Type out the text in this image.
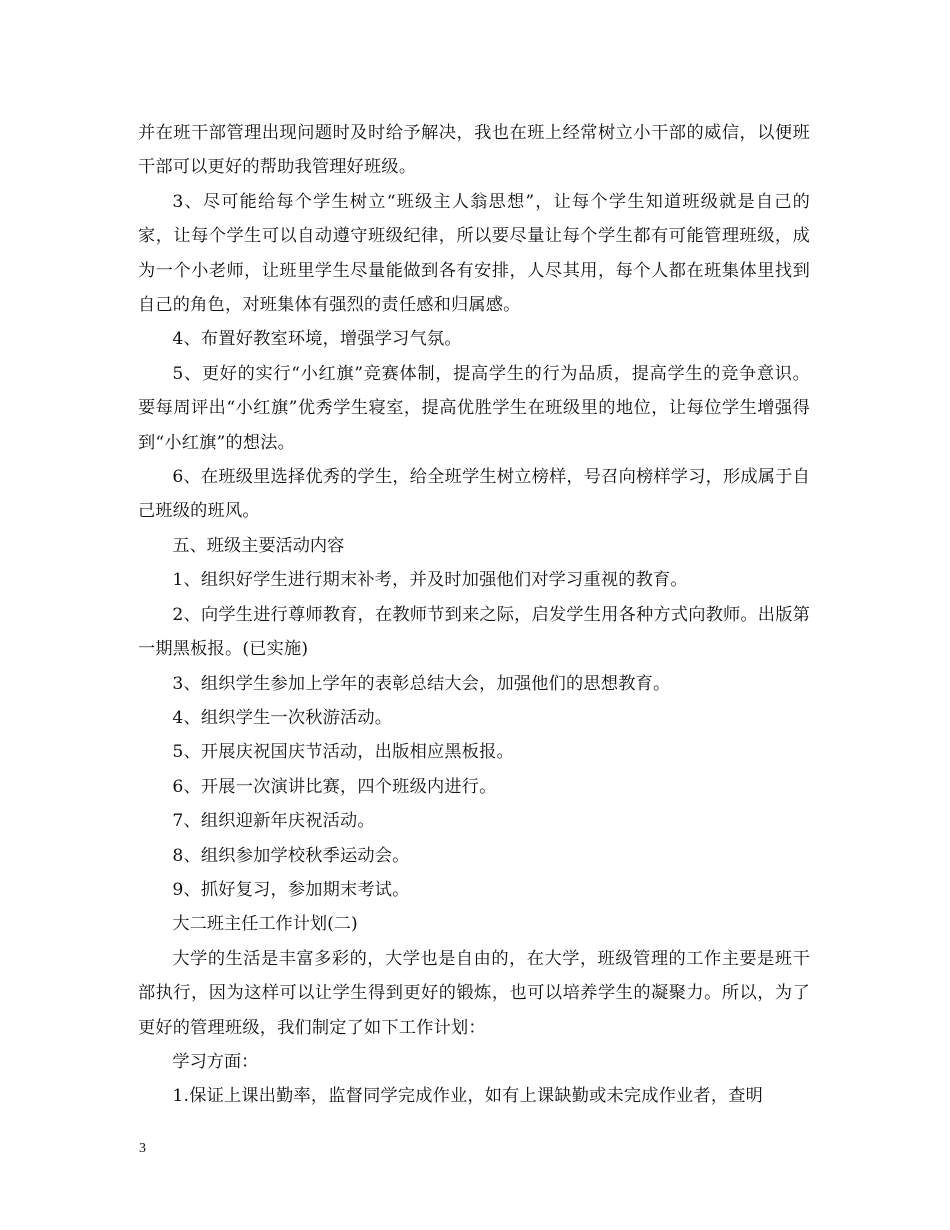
并在班干部管理出现问题时及时给予解决，我也在班上经常树立小干部的威信，以便班干部可以更好的帮助我管理好班级。

3、尽可能给每个学生树立“班级主人翁思想”，让每个学生知道班级就是自己的家，让每个学生可以自动遵守班级纪律，所以要尽量让每个学生都有可能管理班级，成为一个小老师，让班里学生尽量能做到各有安排，人尽其用，每个人都在班集体里找到自己的角色，对班集体有强烈的责任感和归属感。

4、布置好教室环境，增强学习气氛。

5、更好的实行“小红旗”竞赛体制，提高学生的行为品质，提高学生的竞争意识。要每周评出“小红旗”优秀学生寝室，提高优胜学生在班级里的地位，让每位学生增强得到“小红旗”的想法。

6、在班级里选择优秀的学生，给全班学生树立榜样，号召向榜样学习，形成属于自己班级的班风。

五、班级主要活动内容

1、组织好学生进行期末补考，并及时加强他们对学习重视的教育。

2、向学生进行尊师教育，在教师节到来之际，启发学生用各种方式向教师。出版第一期黑板报。(已实施)

3、组织学生参加上学年的表彰总结大会，加强他们的思想教育。

4、组织学生一次秋游活动。

5、开展庆祝国庆节活动，出版相应黑板报。

6、开展一次演讲比赛，四个班级内进行。

7、组织迎新年庆祝活动。

8、组织参加学校秋季运动会。

9、抓好复习，参加期末考试。

大二班主任工作计划(二)

大学的生活是丰富多彩的，大学也是自由的，在大学，班级管理的工作主要是班干部执行，因为这样可以让学生得到更好的锻炼，也可以培养学生的凝聚力。所以，为了更好的管理班级，我们制定了如下工作计划：

学习方面：

1.保证上课出勤率，监督同学完成作业，如有上课缺勤或未完成作业者，查明

3
